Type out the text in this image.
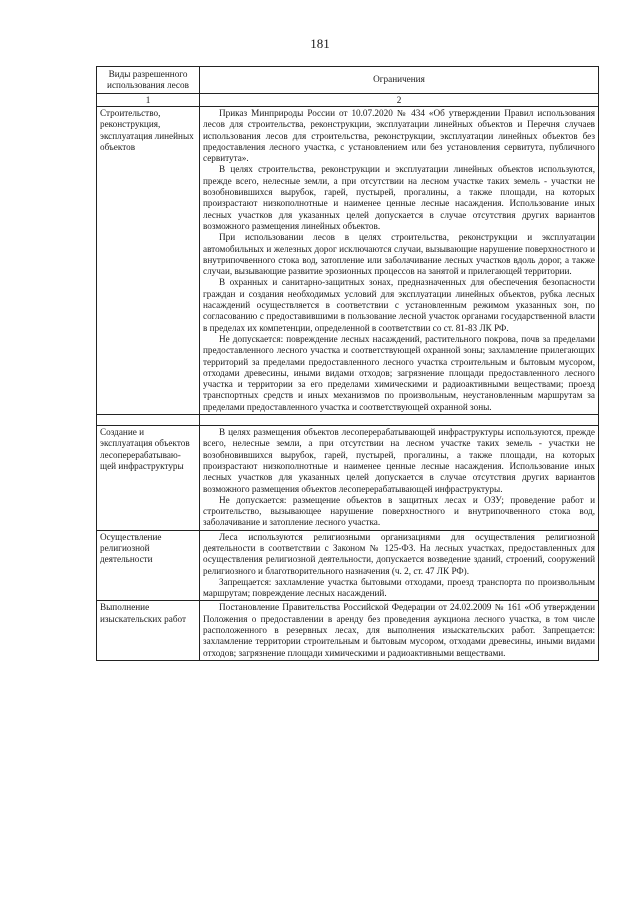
181
Виды разрешенного использования лесов	Ограничения
1	2
Строительство, реконструкция, эксплуатация линейных объектов	Приказ Минприроды России от 10.07.2020 № 434 «Об утверждении Правил использования лесов для строительства, реконструкции, эксплуатации линейных объектов и Перечня случаев использования лесов для строительства, реконструкции, эксплуатации линейных объектов без предоставления лесного участка, с установлением или без установления сервитута, публичного сервитута».

В целях строительства, реконструкции и эксплуатации линейных объектов используются, прежде всего, нелесные земли, а при отсутствии на лесном участке таких земель - участки не возобновившихся вырубок, гарей, пустырей, прогалины, а также площади, на которых произрастают низкополнотные и наименее ценные лесные насаждения. Использование иных лесных участков для указанных целей допускается в случае отсутствия других вариантов возможного размещения линейных объектов.

При использовании лесов в целях строительства, реконструкции и эксплуатации автомобильных и железных дорог исключаются случаи, вызывающие нарушение поверхностного и внутрипочвенного стока вод, затопление или заболачивание лесных участков вдоль дорог, а также случаи, вызывающие развитие эрозионных процессов на занятой и прилегающей территории.

В охранных и санитарно-защитных зонах, предназначенных для обеспечения безопасности граждан и создания необходимых условий для эксплуатации линейных объектов, рубка лесных насаждений осуществляется в соответствии с установленным режимом указанных зон, по согласованию с предоставившими в пользование лесной участок органами государственной власти в пределах их компетенции, определенной в соответствии со ст. 81-83 ЛК РФ.

Не допускается: повреждение лесных насаждений, растительного покрова, почв за пределами предоставленного лесного участка и соответствующей охранной зоны; захламление прилегающих территорий за пределами предоставленного лесного участка строительным и бытовым мусором, отходами древесины, иными видами отходов; загрязнение площади предоставленного лесного участка и территории за его пределами химическими и радиоактивными веществами; проезд транспортных средств и иных механизмов по произвольным, неустановленным маршрутам за пределами предоставленного участка и соответствующей охранной зоны.

Создание и эксплуатация объектов лесоперерабатываю-щей инфраструктуры	В целях размещения объектов лесоперерабатывающей инфраструктуры используются, прежде всего, нелесные земли, а при отсутствии на лесном участке таких земель - участки не возобновившихся вырубок, гарей, пустырей, прогалины, а также площади, на которых произрастают низкополнотные и наименее ценные лесные насаждения. Использование иных лесных участков для указанных целей допускается в случае отсутствия других вариантов возможного размещения объектов лесоперерабатывающей инфраструктуры.

Не допускается: размещение объектов в защитных лесах и ОЗУ; проведение работ и строительство, вызывающее нарушение поверхностного и внутрипочвенного стока вод, заболачивание и затопление лесного участка.

Осуществление религиозной деятельности	Леса используются религиозными организациями для осуществления религиозной деятельности в соответствии с Законом № 125-ФЗ. На лесных участках, предоставленных для осуществления религиозной деятельности, допускается возведение зданий, строений, сооружений религиозного и благотворительного назначения (ч. 2, ст. 47 ЛК РФ).

Запрещается: захламление участка бытовыми отходами, проезд транспорта по произвольным маршрутам; повреждение лесных насаждений.

Выполнение изыскательских работ	Постановление Правительства Российской Федерации от 24.02.2009 № 161 «Об утверждении Положения о предоставлении в аренду без проведения аукциона лесного участка, в том числе расположенного в резервных лесах, для выполнения изыскательских работ. Запрещается: захламление территории строительным и бытовым мусором, отходами древесины, иными видами отходов; загрязнение площади химическими и радиоактивными веществами.
